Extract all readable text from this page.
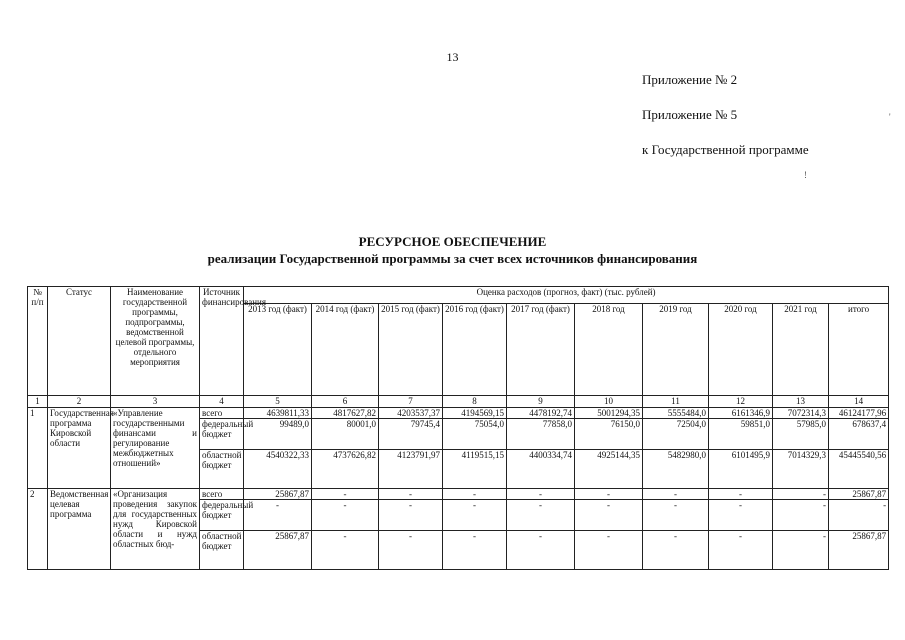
13
Приложение № 2
Приложение № 5
к Государственной программе
РЕСУРСНОЕ ОБЕСПЕЧЕНИЕ
реализации Государственной программы за счет всех источников финансирования
'
!
№ п/п	Статус	Наименование государственной программы, подпрограммы, ведомственной целевой программы, отдельного мероприятия	Источник финансирования	Оценка расходов (прогноз, факт) (тыс. рублей)									
				2013 год (факт)	2014 год (факт)	2015 год (факт)	2016 год (факт)	2017 год (факт)	2018 год	2019 год	2020 год	2021 год	итого
1	2	3	4	5	6	7	8	9	10	11	12	13	14
1	Государственная программа Кировской области	«Управление государственными финансами и регулирование межбюджетных отношений»	всего	4639811,33	4817627,82	4203537,37	4194569,15	4478192,74	5001294,35	5555484,0	6161346,9	7072314,3	46124177,96
			федеральный бюджет	99489,0	80001,0	79745,4	75054,0	77858,0	76150,0	72504,0	59851,0	57985,0	678637,4
			областной бюджет	4540322,33	4737626,82	4123791,97	4119515,15	4400334,74	4925144,35	5482980,0	6101495,9	7014329,3	45445540,56
2	Ведомственная целевая программа	«Организация проведения закупок для государственных нужд Кировской области и нужд областных бюд-	всего	25867,87	-	-	-	-	-	-	-	-	25867,87
			федеральный бюджет	-	-	-	-	-	-	-	-	-	-
			областной бюджет	25867,87	-	-	-	-	-	-	-	-	25867,87
